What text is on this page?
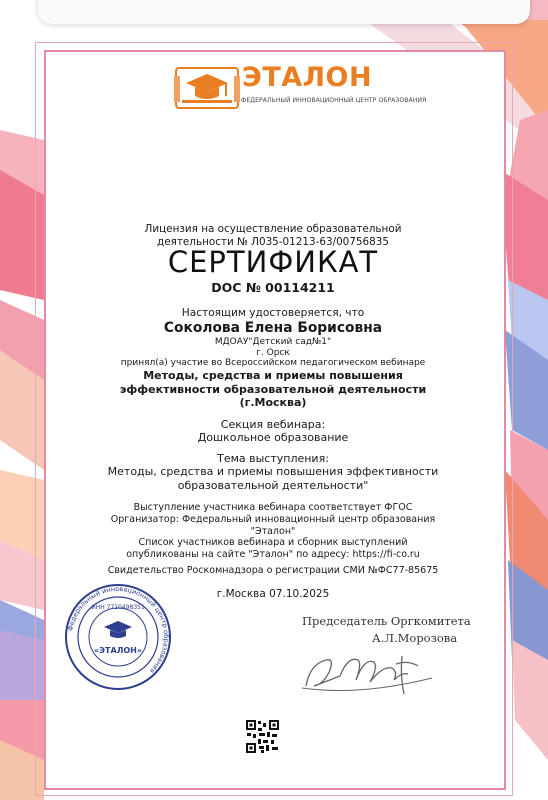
ЭТАЛОН
ФЕДЕРАЛЬНЫЙ ИННОВАЦИОННЫЙ ЦЕНТР ОБРАЗОВАНИЯ
Лицензия на осуществление образовательной
деятельности № Л035-01213-63/00756835
СЕРТИФИКАТ
DOC № 00114211
Настоящим удостоверяется, что
Соколова Елена Борисовна
МДОАУ"Детский сад№1"
г. Орск
принял(а) участие во Всероссийском педагогическом вебинаре
Методы, средства и приемы повышения
эффективности образовательной деятельности
(г.Москва)
Секция вебинара:
Дошкольное образование
Тема выступления:
Методы, средства и приемы повышения эффективности
образовательной деятельности"
Выступление участника вебинара соответствует ФГОС
Организатор: Федеральный инновационный центр образования
"Эталон"
Список участников вебинара и сборник выступлений
опубликованы на сайте "Эталон" по адресу: https://fi-co.ru
Свидетельство Роскомнадзора о регистрации СМИ №ФС77-85675
г.Москва 07.10.2025
Председатель Оргкомитета
А.Л.Морозова
Федеральный инновационный центр образования
ИНН 7710498351
«ЭТАЛОН»
